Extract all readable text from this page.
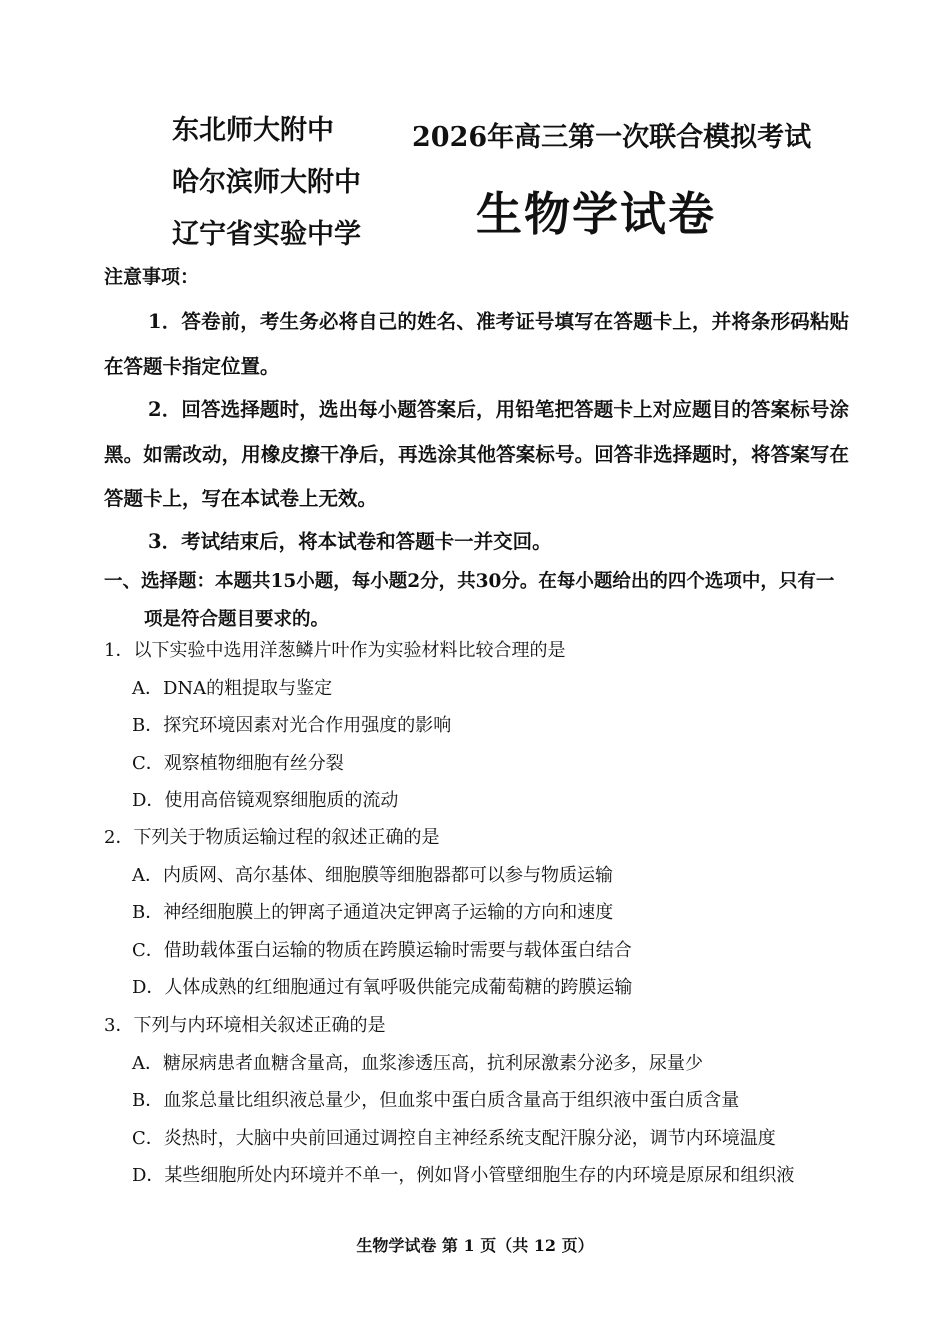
东北师大附中
哈尔滨师大附中
辽宁省实验中学
2026年高三第一次联合模拟考试
生物学试卷
注意事项：
1．答卷前，考生务必将自己的姓名、准考证号填写在答题卡上，并将条形码粘贴在答题卡指定位置。
2．回答选择题时，选出每小题答案后，用铅笔把答题卡上对应题目的答案标号涂黑。如需改动，用橡皮擦干净后，再选涂其他答案标号。回答非选择题时，将答案写在答题卡上，写在本试卷上无效。
3．考试结束后，将本试卷和答题卡一并交回。
一、选择题：本题共15小题，每小题2分，共30分。在每小题给出的四个选项中，只有一项是符合题目要求的。
1．以下实验中选用洋葱鳞片叶作为实验材料比较合理的是
A．DNA的粗提取与鉴定
B．探究环境因素对光合作用强度的影响
C．观察植物细胞有丝分裂
D．使用高倍镜观察细胞质的流动
2．下列关于物质运输过程的叙述正确的是
A．内质网、高尔基体、细胞膜等细胞器都可以参与物质运输
B．神经细胞膜上的钾离子通道决定钾离子运输的方向和速度
C．借助载体蛋白运输的物质在跨膜运输时需要与载体蛋白结合
D．人体成熟的红细胞通过有氧呼吸供能完成葡萄糖的跨膜运输
3．下列与内环境相关叙述正确的是
A．糖尿病患者血糖含量高，血浆渗透压高，抗利尿激素分泌多，尿量少
B．血浆总量比组织液总量少，但血浆中蛋白质含量高于组织液中蛋白质含量
C．炎热时，大脑中央前回通过调控自主神经系统支配汗腺分泌，调节内环境温度
D．某些细胞所处内环境并不单一，例如肾小管壁细胞生存的内环境是原尿和组织液
生物学试卷 第 1 页（共 12 页）
